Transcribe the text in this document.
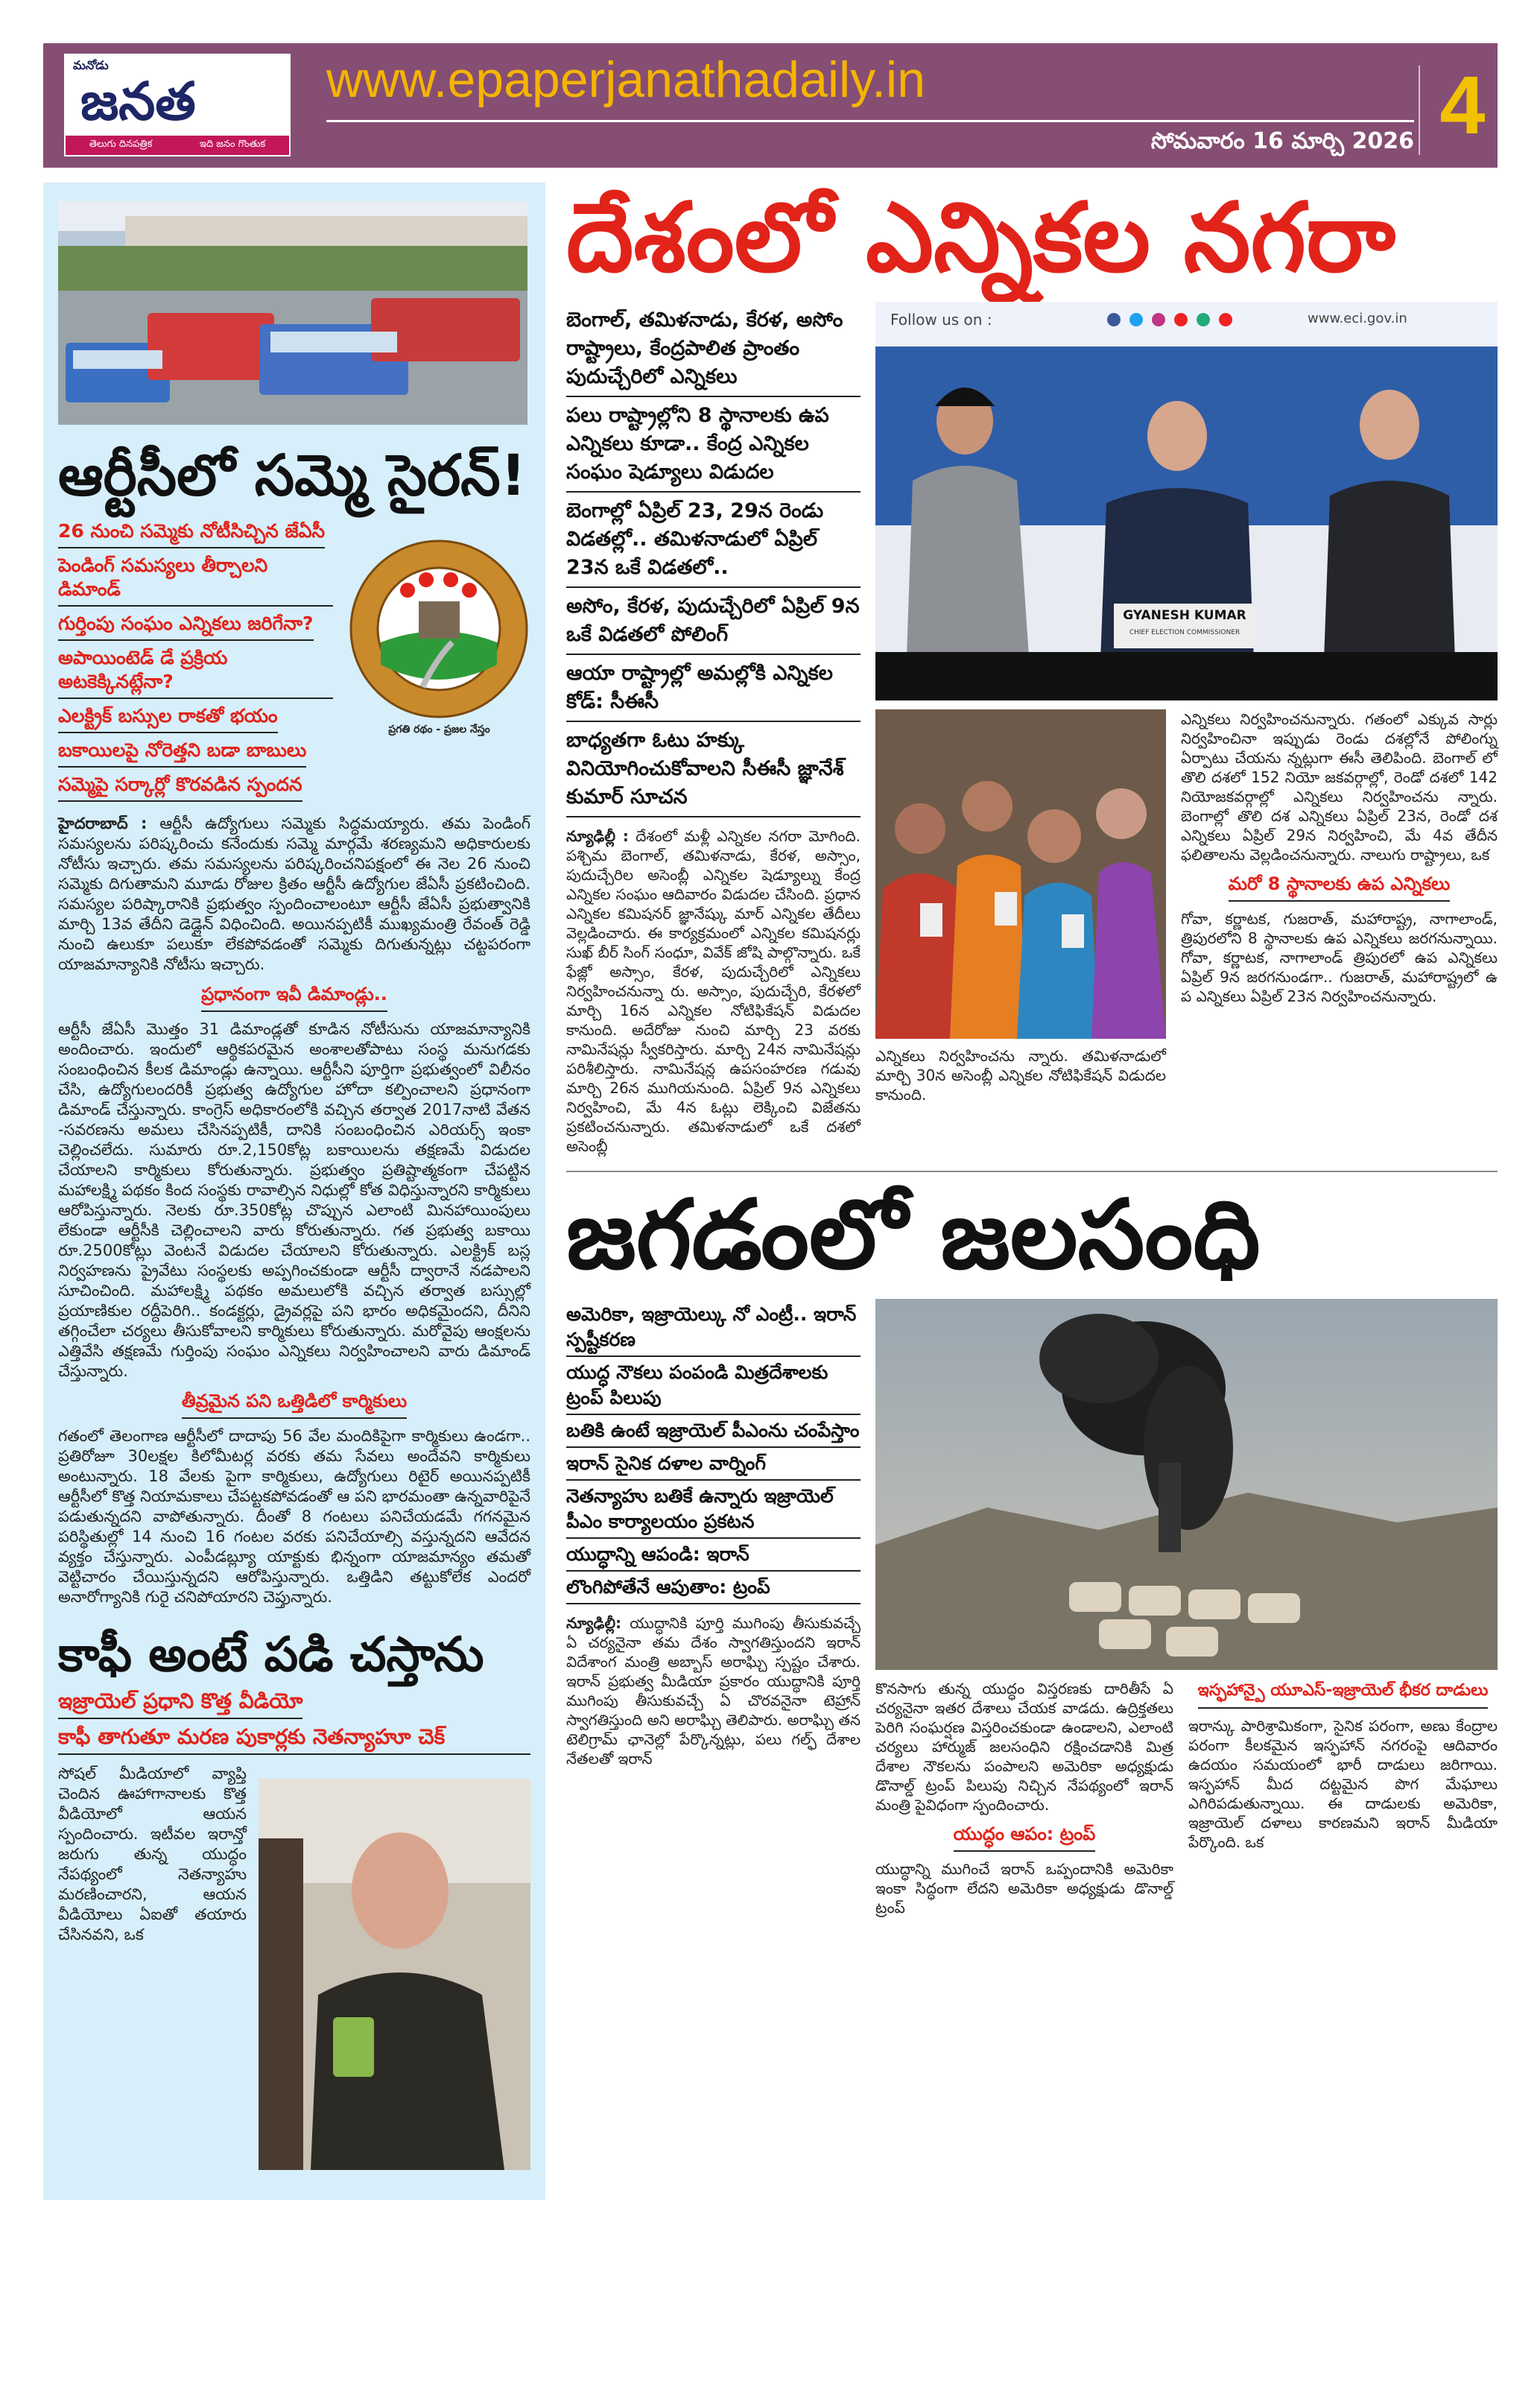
మనోడు
జనత
తెలుగు దినపత్రిక	ఇది జనం గొంతుక
www.epaperjanathadaily.in
సోమవారం 16 మార్చి 2026 4
ఆర్టీసీలో సమ్మె సైరన్!
26 నుంచి సమ్మెకు నోటీసిచ్చిన జేఏసీ
పెండింగ్ సమస్యలు తీర్చాలని డిమాండ్
గుర్తింపు సంఘం ఎన్నికలు జరిగేనా?
అపాయింటెడ్ డే ప్రక్రియ అటకెక్కినట్లేనా?
ఎలక్ట్రిక్ బస్సుల రాకతో భయం
బకాయిలపై నోరెత్తని బడా బాబులు
సమ్మెపై సర్కార్లో కొరవడిన స్పందన
ప్రగతి రథం - ప్రజల నేస్తం
హైదరాబాద్ : ఆర్టీసీ ఉద్యోగులు సమ్మెకు సిద్ధమయ్యారు. తమ పెండింగ్ సమస్యలను పరిష్కరించు కనేందుకు సమ్మె మార్గమే శరణ్యమని అధికారులకు నోటీసు ఇచ్చారు. తమ సమస్యలను పరిష్కరించనిపక్షంలో ఈ నెల 26 నుంచి సమ్మెకు దిగుతామని మూడు రోజుల క్రితం ఆర్టీసీ ఉద్యోగుల జేఏసీ ప్రకటించింది. సమస్యల పరిష్కారానికి ప్రభుత్వం స్పందించాలంటూ ఆర్టీసీ జేఏసీ ప్రభుత్వానికి మార్చి 13వ తేదీని డెడ్లైన్ విధించింది. అయినప్పటికీ ముఖ్యమంత్రి రేవంత్ రెడ్డి నుంచి ఉలుకూ పలుకూ లేకపోవడంతో సమ్మెకు దిగుతున్నట్లు చట్టపరంగా యాజమాన్యానికి నోటీసు ఇచ్చారు.
ప్రధానంగా ఇవీ డిమాండ్లు..
ఆర్టీసీ జేఏసీ మొత్తం 31 డిమాండ్లతో కూడిన నోటీసును యాజమాన్యానికి అందించారు. ఇందులో ఆర్థికపరమైన అంశాలతోపాటు సంస్థ మనుగడకు సంబంధించిన కీలక డిమాండ్లు ఉన్నాయి. ఆర్టీసీని పూర్తిగా ప్రభుత్వంలో విలీనం చేసి, ఉద్యోగులందరికీ ప్రభుత్వ ఉద్యోగుల హోదా కల్పించాలని ప్రధానంగా డిమాండ్ చేస్తున్నారు. కాంగ్రెస్ అధికారంలోకి వచ్చిన తర్వాత 2017నాటి వేతన -సవరణను అమలు చేసినప్పటికీ, దానికి సంబంధించిన ఎరియర్స్ ఇంకా చెల్లించలేదు. సుమారు రూ.2,150కోట్ల బకాయిలను తక్షణమే విడుదల చేయాలని కార్మికులు కోరుతున్నారు. ప్రభుత్వం ప్రతిష్టాత్మకంగా చేపట్టిన మహాలక్ష్మి పథకం కింద సంస్థకు రావాల్సిన నిధుల్లో కోత విధిస్తున్నారని కార్మికులు ఆరోపిస్తున్నారు. నెలకు రూ.350కోట్ల చొప్పున ఎలాంటి మినహాయింపులు లేకుండా ఆర్టీసీకి చెల్లించాలని వారు కోరుతున్నారు. గత ప్రభుత్వ బకాయి రూ.2500కోట్లు వెంటనే విడుదల చేయాలని కోరుతున్నారు. ఎలక్ట్రిక్ బస్ల నిర్వహణను ప్రైవేటు సంస్థలకు అప్పగించకుండా ఆర్టీసీ ద్వారానే నడపాలని సూచించింది. మహాలక్ష్మి పథకం అమలులోకి వచ్చిన తర్వాత బస్సుల్లో ప్రయాణికుల రద్దీపెరిగి.. కండక్టర్లు, డ్రైవర్లపై పని భారం అధికమైందని, దీనిని తగ్గించేలా చర్యలు తీసుకోవాలని కార్మికులు కోరుతున్నారు. మరోవైపు ఆంక్షలను ఎత్తివేసి తక్షణమే గుర్తింపు సంఘం ఎన్నికలు నిర్వహించాలని వారు డిమాండ్ చేస్తున్నారు.
తీవ్రమైన పని ఒత్తిడిలో కార్మికులు
గతంలో తెలంగాణ ఆర్టీసీలో దాదాపు 56 వేల మందికిపైగా కార్మికులు ఉండగా.. ప్రతిరోజూ 30లక్షల కిలోమీటర్ల వరకు తమ సేవలు అందేవని కార్మికులు అంటున్నారు. 18 వేలకు పైగా కార్మికులు, ఉద్యోగులు రిటైర్ అయినప్పటికీ ఆర్టీసీలో కొత్త నియామకాలు చేపట్టకపోవడంతో ఆ పని భారమంతా ఉన్నవారిపైనే పడుతున్నదని వాపోతున్నారు. దీంతో 8 గంటలు పనిచేయడమే గగనమైన పరిస్థితుల్లో 14 నుంచి 16 గంటల వరకు పనిచేయాల్సి వస్తున్నదని ఆవేదన వ్యక్తం చేస్తున్నారు. ఎంపీడబ్ల్యూ యాక్టుకు భిన్నంగా యాజమాన్యం తమతో వెట్టిచారం చేయిస్తున్నదని ఆరోపిస్తున్నారు. ఒత్తిడిని తట్టుకోలేక ఎందరో అనారోగ్యానికి గురై చనిపోయారని చెప్తున్నారు.
కాఫీ అంటే పడి చస్తాను
ఇజ్రాయెల్ ప్రధాని కొత్త వీడియో
కాఫీ తాగుతూ మరణ పుకార్లకు నెతన్యాహూ చెక్
సోషల్ మీడియాలో వ్యాప్తి చెందిన ఊహాగానాలకు కొత్త వీడియోలో ఆయన స్పందించారు. ఇటీవల ఇరాన్తో జరుగు తున్న యుద్ధం నేపథ్యంలో నెతన్యాహు మరణించారని, ఆయన వీడియోలు ఏఐతో తయారు చేసినవని, ఒక
దేశంలో ఎన్నికల నగరా
బెంగాల్, తమిళనాడు, కేరళ, అసోం రాష్ట్రాలు, కేంద్రపాలిత ప్రాంతం పుదుచ్చేరిలో ఎన్నికలు
పలు రాష్ట్రాల్లోని 8 స్థానాలకు ఉప ఎన్నికలు కూడా.. కేంద్ర ఎన్నికల సంఘం షెడ్యూలు విడుదల
బెంగాల్లో ఏప్రిల్ 23, 29న రెండు విడతల్లో.. తమిళనాడులో ఏప్రిల్ 23న ఒకే విడతలో..
అసోం, కేరళ, పుదుచ్చేరిలో ఏప్రిల్ 9న ఒకే విడతలో పోలింగ్
ఆయా రాష్ట్రాల్లో అమల్లోకి ఎన్నికల కోడ్: సీఈసీ
బాధ్యతగా ఓటు హక్కు వినియోగించుకోవాలని సీఈసీ జ్ఞానేశ్ కుమార్ సూచన
న్యూఢిల్లీ : దేశంలో మళ్లీ ఎన్నికల నగరా మోగింది. పశ్చిమ బెంగాల్, తమిళనాడు, కేరళ, అస్సాం, పుదుచ్చేరిల అసెంబ్లీ ఎన్నికల షెడ్యూల్ను కేంద్ర ఎన్నికల సంఘం ఆదివారం విడుదల చేసింది. ప్రధాన ఎన్నికల కమిషనర్ జ్ఞానేష్కు మార్ ఎన్నికల తేదీలు వెల్లడించారు. ఈ కార్యక్రమంలో ఎన్నికల కమిషనర్లు సుఖ్ బీర్ సింగ్ సంధూ, వివేక్ జోషి పాల్గొన్నారు. ఒకే ఫేజ్లో అస్సాం, కేరళ, పుదుచ్చేరిలో ఎన్నికలు నిర్వహించనున్నా రు. అస్సాం, పుదుచ్చేరి, కేరళలో మార్చి 16న ఎన్నికల నోటిఫికేషన్ విడుదల కానుంది. అదేరోజు నుంచి మార్చి 23 వరకు నామినేషన్లు స్వీకరిస్తారు. మార్చి 24న నామినేషన్లు పరిశీలిస్తారు. నామినేషన్ల ఉపసంహరణ గడువు మార్చి 26న ముగియనుంది. ఏప్రిల్ 9న ఎన్నికలు నిర్వహించి, మే 4న ఓట్లు లెక్కించి విజేతను ప్రకటించనున్నారు. తమిళనాడులో ఒకే దశలో అసెంబ్లీ
Follow us on :	www.eci.gov.in
GYANESH KUMAR
CHIEF ELECTION COMMISSIONER
ఎన్నికలు నిర్వహించను న్నారు. తమిళనాడులో మార్చి 30న అసెంబ్లీ ఎన్నికల నోటిఫికేషన్ విడుదల కానుంది.
ఎన్నికలు నిర్వహించనున్నారు. గతంలో ఎక్కువ సార్లు నిర్వహించినా ఇప్పుడు రెండు దశల్లోనే పోలింగ్ను ఏర్పాటు చేయను న్నట్లుగా ఈసీ తెలిపింది. బెంగాల్ లో తొలి దశలో 152 నియో జకవర్గాల్లో, రెండో దశలో 142 నియోజకవర్గాల్లో ఎన్నికలు నిర్వహించను న్నారు. బెంగాల్లో తొలి దశ ఎన్నికలు ఏప్రిల్ 23న, రెండో దశ ఎన్నికలు ఏప్రిల్ 29న నిర్వహించి, మే 4వ తేదీన ఫలితాలను వెల్లడించనున్నారు. నాలుగు రాష్ట్రాలు, ఒక
మరో 8 స్థానాలకు ఉప ఎన్నికలు
గోవా, కర్ణాటక, గుజరాత్, మహారాష్ట్ర, నాగాలాండ్, త్రిపురలోని 8 స్థానాలకు ఉప ఎన్నికలు జరగనున్నాయి. గోవా, కర్ణాటక, నాగాలాండ్ త్రిపురలో ఉప ఎన్నికలు ఏప్రిల్ 9న జరగనుండగా.. గుజరాత్, మహారాష్ట్రలో ఉ ప ఎన్నికలు ఏప్రిల్ 23న నిర్వహించనున్నారు.
జగడంలో జలసంధి
అమెరికా, ఇజ్రాయెల్కు నో ఎంట్రీ.. ఇరాన్ స్పష్టీకరణ
యుద్ధ నౌకలు పంపండి మిత్రదేశాలకు ట్రంప్ పిలుపు
బతికి ఉంటే ఇజ్రాయెల్ పీఎంను చంపేస్తాం
ఇరాన్ సైనిక దళాల వార్నింగ్
నెతన్యాహు బతికే ఉన్నారు ఇజ్రాయెల్ పీఎం కార్యాలయం ప్రకటన
యుద్ధాన్ని ఆపండి: ఇరాన్
లొంగిపోతేనే ఆపుతాం: ట్రంప్
న్యూఢిల్లీ: యుద్ధానికి పూర్తి ముగింపు తీసుకువచ్చే ఏ చర్యనైనా తమ దేశం స్వాగతిస్తుందని ఇరాన్ విదేశాంగ మంత్రి అబ్బాస్ అరాఘ్చి స్పష్టం చేశారు. ఇరాన్ ప్రభుత్వ మీడియా ప్రకారం యుద్ధానికి పూర్తి ముగింపు తీసుకువచ్చే ఏ చొరవనైనా టెహ్రాన్ స్వాగతిస్తుంది అని అరాఘ్చి తెలిపారు. అరాఘ్చి తన టెలిగ్రామ్ ఛానెల్లో పేర్కొన్నట్లు, పలు గల్ఫ్ దేశాల నేతలతో ఇరాన్
కొనసాగు తున్న యుద్ధం విస్తరణకు దారితీసే ఏ చర్యనైనా ఇతర దేశాలు చేయక వాడదు. ఉద్రిక్తతలు పెరిగి సంఘర్షణ విస్తరించకుండా ఉండాలని, ఎలాంటి చర్యలు హార్ముజ్ జలసంధిని రక్షించడానికి మిత్ర దేశాల నౌకలను పంపాలని అమెరికా అధ్యక్షుడు డొనాల్డ్ ట్రంప్ పిలుపు నిచ్చిన నేపథ్యంలో ఇరాన్ మంత్రి పైవిధంగా స్పందించారు.
యుద్ధం ఆపం: ట్రంప్
యుద్ధాన్ని ముగించే ఇరాన్ ఒప్పందానికి అమెరికా ఇంకా సిద్ధంగా లేదని అమెరికా అధ్యక్షుడు డొనాల్డ్ ట్రంప్
ఇస్ఫహాన్పై యూఎస్-ఇజ్రాయెల్ భీకర దాడులు
ఇరాన్కు పారిశ్రామికంగా, సైనిక పరంగా, అణు కేంద్రాల పరంగా కీలకమైన ఇస్ఫహాన్ నగరంపై ఆదివారం ఉదయం సమయంలో భారీ దాడులు జరిగాయి. ఇస్ఫహాన్ మీద దట్టమైన పొగ మేఘాలు ఎగిరిపడుతున్నాయి. ఈ దాడులకు అమెరికా, ఇజ్రాయెల్ దళాలు కారణమని ఇరాన్ మీడియా పేర్కొంది. ఒక
